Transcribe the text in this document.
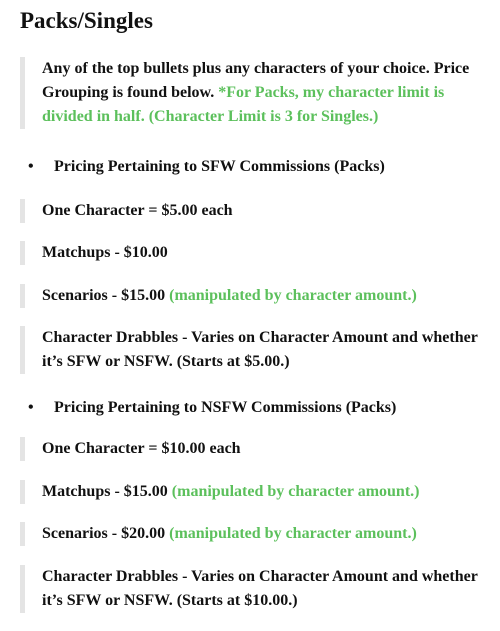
Packs/Singles
Any of the top bullets plus any characters of your choice. Price Grouping is found below. *For Packs, my character limit is divided in half. (Character Limit is 3 for Singles.)
• Pricing Pertaining to SFW Commissions (Packs)
One Character = $5.00 each
Matchups - $10.00
Scenarios - $15.00 (manipulated by character amount.)
Character Drabbles - Varies on Character Amount and whether it’s SFW or NSFW. (Starts at $5.00.)
• Pricing Pertaining to NSFW Commissions (Packs)
One Character = $10.00 each
Matchups - $15.00 (manipulated by character amount.)
Scenarios - $20.00 (manipulated by character amount.)
Character Drabbles - Varies on Character Amount and whether it’s SFW or NSFW. (Starts at $10.00.)
